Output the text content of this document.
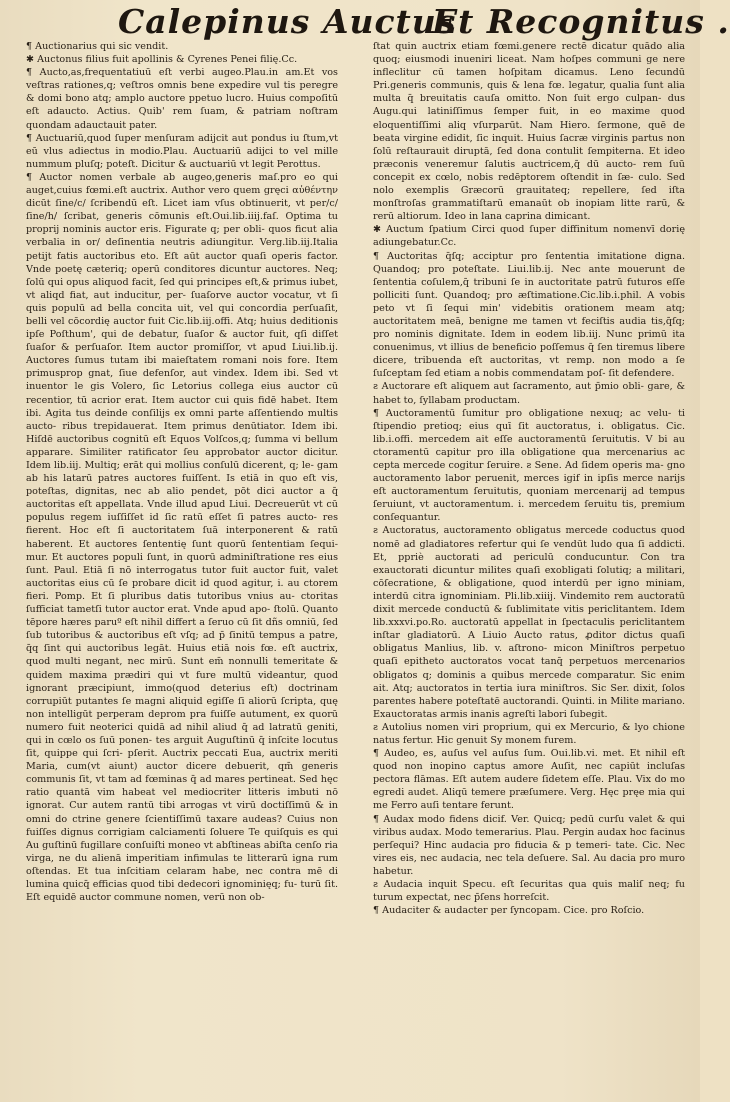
Calepinus Auctus
Et Recognitus .

¶ Auctionarius qui sic vendit.

✱ Auctonus filius fuit apollinis & Cyrenes Penei filię.Cc.

¶ Aucto,as,frequentatiuū eſt verbi augeo.Plau.in am.Et vos veſtras rationes,q; veſtros omnis bene expedire vul tis peregre & domi bono atq; amplo auctore ppetuo lucro. Huius compoſitū eſt adaucto. Actius. Quib' rem ſuam, & patriam noſtram quondam adauctauit pater.

¶ Auctuariū,quod ſuper menſuram adijcit aut pondus iu ſtum,vt eū vlus adiectus in modio.Plau. Auctuariū adijci to vel mille nummum pluſq; poteſt. Dicitur & auctuariū vt legit Perottus.

¶ Auctor nomen verbale ab augeo,generis maſ.pro eo qui auget,cuius fœmi.eſt auctrix. Author vero quem gręci αὐθέντην dicūt ſine/c/ ſcribendū eſt. Licet iam vſus obtinuerit, vt per/c/ſine/h/ ſcribat, generis cōmunis eſt.Oui.lib.iiij.faſ. Optima tu proprij nominis auctor eris. Figurate q; per obli- quos ficut alia verbalia in or/ deſinentia neutris adiungitur. Verg.lib.iij.Italia petijt fatis auctoribus eto. Eſt aūt auctor quaſi operis factor. Vnde poetę cæteriq; operū conditores dicuntur auctores. Neq; ſolū qui opus aliquod facit, ſed qui principes eſt,& primus iubet, vt aliqd fiat, aut inducitur, per- ſuaſorve auctor vocatur, vt ſi quis populū ad bella concita uit, vel qui concordia perſuaſit, belli vel cōcordię auctor fuit Cic.lib.iij.offi. Atq; huius deditionis ipſe Poſthum', qui de debatur, ſuaſor & auctor fuit, qſi diſſet ſuaſor & perſuaſor. Item auctor promiſſor, vt apud Liui.lib.ij. Auctores ſumus tutam ibi maieſtatem romani nois fore. Item primusprop gnat, ſiue defenſor, aut vindex. Idem ibi. Sed vt inuentor le gis Volero, ſic Letorius collega eius auctor cū recentior, tū acrior erat. Item auctor cui quis fidē habet. Item ibi. Agita tus deinde conſilijs ex omni parte aſſentiendo multis aucto- ribus trepidauerat. Item primus denūtiator. Idem ibi. Hiſdē auctoribus cognitū eſt Equos Volſcos,q; ſumma vi bellum apparare. Similiter ratificator ſeu approbator auctor dicitur. Idem lib.iij. Multiq; erāt qui mollius conſulū dicerent, q; le- gam ab his latarū patres auctores fuiſſent. Is etiā in quo eſt vis, poteſtas, dignitas, nec ab alio pendet, pōt dici auctor a q̄ auctoritas eſt appellata. Vnde illud apud Liui. Decreuerūt vt cū populus regem iuſſiſſet id ſic ratū eſſet ſi patres aucto- res fierent. Hoc eſt ſi auctoritatem ſuā interponerent & ratū haberent. Et auctores ſententię ſunt quorū ſententiam ſequi- mur. Et auctores populi ſunt, in quorū adminiſtratione res eius ſunt. Paul. Etiā ſi nō interrogatus tutor fuit auctor fuit, valet auctoritas eius cū ſe probare dicit id quod agitur, i. au ctorem fieri. Pomp. Et ſi pluribus datis tutoribus vnius au- ctoritas ſufficiat tametſi tutor auctor erat. Vnde apud apo- ſtolū. Quanto tēpore hæres paruº eſt nihil differt a ſeruo cū ſit dñs omniū, ſed ſub tutoribus & auctoribus eſt vſq; ad p̄ ſinitū tempus a patre, q̄q ſint qui auctoribus legāt. Huius etiā nois fœ. eſt auctrix, quod multi negant, nec mirū. Sunt em̄ nonnulli temeritate & quidem maxima prædiri qui vt fure multū videantur, quod ignorant præcipiunt, immo(quod deterius eſt) doctrinam corrupiūt putantes ſe magni aliquid egiſſe ſi aliorū ſcripta, quę non intelligūt perperam deprom pra fuiſſe autument, ex quorū numero fuit neoterici quidā ad nihil aliud q̄ ad latratū geniti, qui in cœlo os ſuū ponen- tes arguit Auguſtinū q̄ inſcite locutus ſit, quippe qui ſcri- pſerit. Auctrix peccati Eua, auctrix meriti Maria, cum(vt aiunt) auctor dicere debuerit, qm̄ generis communis ſit, vt tam ad fœminas q̄ ad mares pertineat. Sed hęc ratio quantā vim habeat vel mediocriter litteris imbuti nō ignorat. Cur autem rantū tibi arrogas vt virū doctiſſimū & in omni do ctrine genere ſcientiſſimū taxare audeas? Cuius non fuiſſes dignus corrigiam calciamenti ſoluere Te quiſquis es qui Au guſtinū fugillare conſuiſti moneo vt abſtineas abiſta cenſo ria virga, ne du alienā imperitiam infimulas te litterarū igna rum oſtendas. Et tua inſcitiam celaram habe, nec contra mē di lumina quicq̄ efficias quod tibi dedecori ignominięq; fu- turū ſit. Eſt equidē auctor commune nomen, verū non ob-

ſtat quin auctrix etiam fœmi.genere rectē dicatur quādo alia quoq; eiusmodi inueniri liceat. Nam hoſpes communi ge nere infleclitur cū tamen hoſpitam dicamus. Leno ſecundū Pri.generis communis, quis & lena fœ. legatur, qualia ſunt alia multa q̄ breuitatis cauſa omitto. Non ſuit ergo culpan- dus Augu.qui latiniſſimus ſemper fuit, in eo maxime quod eloquentiſſimi aliq vſurparūt. Nam Hiero. ſermone, quē de beata virgine edidit, ſic inquit. Huius ſacræ virginis partus non ſolū reſtaurauit diruptā, ſed dona contulit ſempiterna. Et ideo præconis veneremur ſalutis auctricem,q̄ dū aucto- rem ſuū concepit ex cœlo, nobis redēptorem oſtendit in ſæ- culo. Sed nolo exemplis Græcorū grauitateq; repellere, ſed iſta monſtroſas grammatiſtarū emanaūt ob inopiam litte rarū, & rerū altiorum. Ideo in lana caprina dimicant.

✱ Auctum ſpatium Circi quod ſuper diffinitum nomenvī dorię adiungebatur.Cc.

¶ Auctoritas q̄ſq; acciptur pro ſententia imitatione digna. Quandoq; pro poteſtate. Liui.lib.ij. Nec ante mouerunt de ſententia coſulem,q̄ tribuni ſe in auctoritate patrū futuros eſſe polliciti ſunt. Quandoq; pro æſtimatione.Cic.lib.i.phil. A vobis peto vt ſi ſequi min' videbitis orationem meam atq; auctoritatem meā, benigne me tamen vt feciſtis audia tis,q̄ſq; pro nominis dignitate. Idem in eodem lib.iij. Nunc primū ita conuenimus, vt illius de beneficio poſſemus q̄ ſen tiremus libere dicere, tribuenda eſt auctoritas, vt remp. non modo a ſe ſuſceptam ſed etiam a nobis commendatam poſ- ſit defendere.

ƨ Auctorare eſt aliquem aut ſacramento, aut p̄mio obli- gare, & habet to, ſyllabam productam.

¶ Auctoramentū ſumitur pro obligatione nexuq; ac velu- ti ſtipendio pretioq; eius quī ſit auctoratus, i. obligatus. Cic. lib.i.offi. mercedem ait eſſe auctoramentū ſeruitutis. V bi au ctoramentū capitur pro illa obligatione qua mercenarius ac cepta mercede cogitur ſeruire. ƨ Sene. Ad ſidem operis ma- gno auctoramento labor peruenit, merces igif in ipſis merce narijs eſt auctoramentum ſeruitutis, quoniam mercenarij ad tempus ſeruiunt, vt auctoramentum. i. mercedem ſeruitu tis, premium conſequantur.

ƨ Auctoratus, auctoramento obligatus mercede coductus quod nomē ad gladiatores refertur qui ſe vendūt ludo qua ſi addicti. Et, ppriè auctorati ad periculū conducuntur. Con tra exauctorati dicuntur milites quaſi exobligati ſolutiq; a militari, cōſecratione, & obligatione, quod interdū per igno miniam, interdū citra ignominiam. Pli.lib.xiiij. Vindemito rem auctoratū dixit mercede conductū & ſublimitate vitis periclitantem. Idem lib.xxxvi.po.Ro. auctoratū appellat in ſpectaculis periclitantem inſtar gladiatorū. A Liuio Aucto ratus, ꝓditor dictus quaſi obligatus Manlius, lib. v. aſtrono- micon Miniſtros perpetuo quaſi epitheto auctoratos vocat tanq̄ perpetuos mercenarios obligatos q; dominis a quibus mercede comparatur. Sic enim ait. Atq; auctoratos in tertia iura miniſtros. Sic Ser. dixit, ſolos parentes habere poteſtatē auctorandi. Quinti. in Milite mariano. Exauctoratas armis inanis agreſti labori ſubegit.

ƨ Autolius nomen viri proprium, qui ex Mercurio, & lyo chione natus fertur. Hic genuit Sy monem furem.

¶ Audeo, es, auſus vel auſus ſum. Oui.lib.vi. met. Et nihil eſt quod non inopino captus amore Auſit, nec capiūt incluſas pectora flāmas. Eſt autem audere ſidetem eſſe. Plau. Vix do mo egredi audet. Aliqū temere præſumere. Verg. Hęc pręe mia qui me Ferro auſi tentare ferunt.

¶ Audax modo fidens dicif. Ver. Quicq; pedū curſu valet & qui viribus audax. Modo temerarius. Plau. Pergin audax hoc facinus perſequi? Hinc audacia pro fiducia & p temeri- tate. Cic. Nec vires eis, nec audacia, nec tela deſuere. Sal. Au dacia pro muro habetur.

ƨ Audacia inquit Specu. eſt ſecuritas qua quis maliſ neq; fu turum expectat, nec p̄ſens horreſcit.

¶ Audaciter & audacter per ſyncopam. Cice. pro Roſcio.
